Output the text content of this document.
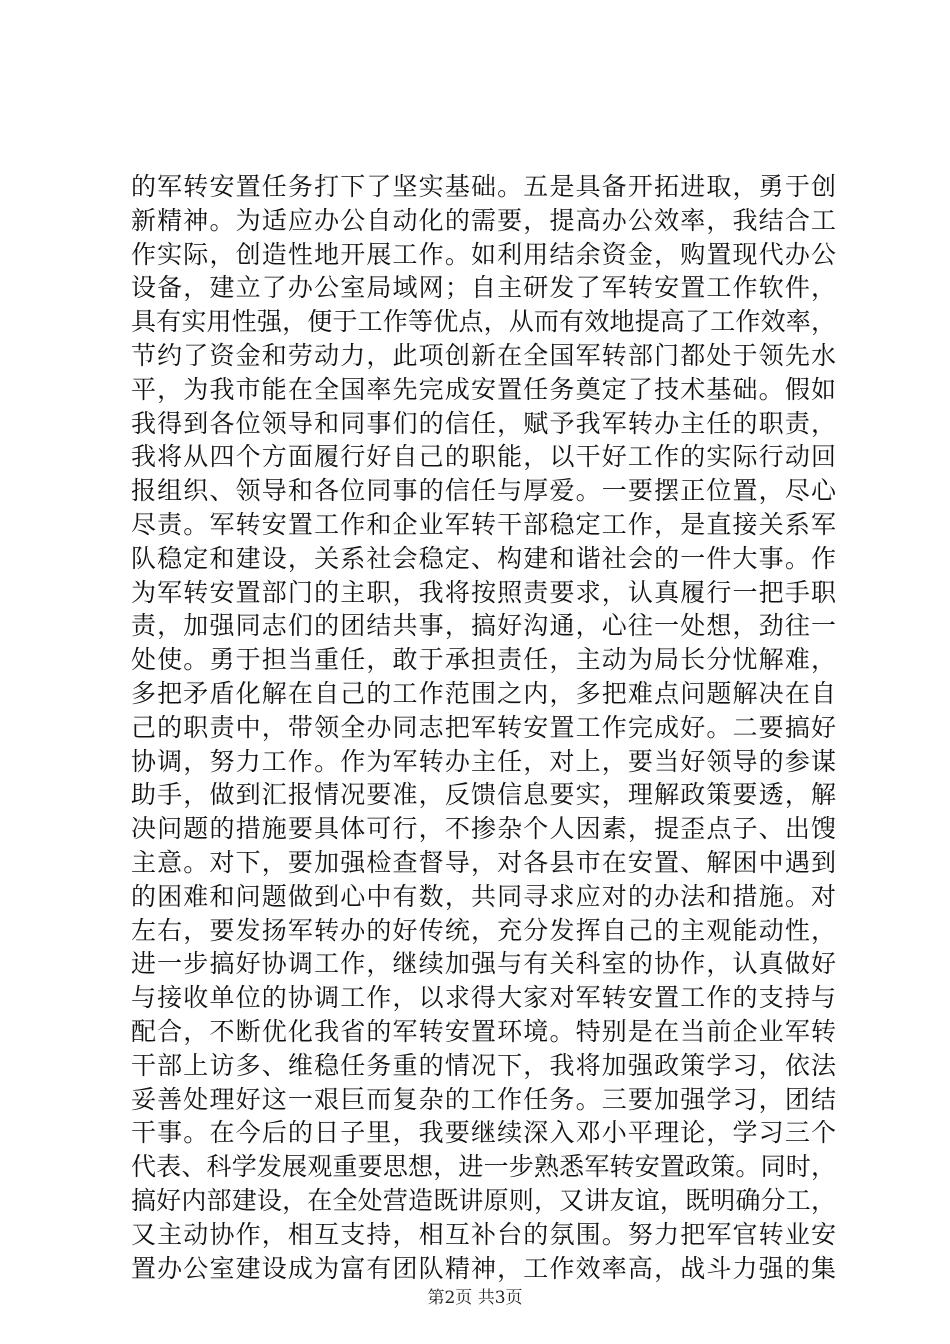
的军转安置任务打下了坚实基础。五是具备开拓进取，勇于创
新精神。为适应办公自动化的需要，提高办公效率，我结合工
作实际，创造性地开展工作。如利用结余资金，购置现代办公
设备，建立了办公室局域网；自主研发了军转安置工作软件，
具有实用性强，便于工作等优点，从而有效地提高了工作效率，
节约了资金和劳动力，此项创新在全国军转部门都处于领先水
平，为我市能在全国率先完成安置任务奠定了技术基础。假如
我得到各位领导和同事们的信任，赋予我军转办主任的职责，
我将从四个方面履行好自己的职能，以干好工作的实际行动回
报组织、领导和各位同事的信任与厚爱。一要摆正位置，尽心
尽责。军转安置工作和企业军转干部稳定工作，是直接关系军
队稳定和建设，关系社会稳定、构建和谐社会的一件大事。作
为军转安置部门的主职，我将按照责要求，认真履行一把手职
责，加强同志们的团结共事，搞好沟通，心往一处想，劲往一
处使。勇于担当重任，敢于承担责任，主动为局长分忧解难，
多把矛盾化解在自己的工作范围之内，多把难点问题解决在自
己的职责中，带领全办同志把军转安置工作完成好。二要搞好
协调，努力工作。作为军转办主任，对上，要当好领导的参谋
助手，做到汇报情况要准，反馈信息要实，理解政策要透，解
决问题的措施要具体可行，不掺杂个人因素，提歪点子、出馊
主意。对下，要加强检查督导，对各县市在安置、解困中遇到
的困难和问题做到心中有数，共同寻求应对的办法和措施。对
左右，要发扬军转办的好传统，充分发挥自己的主观能动性，
进一步搞好协调工作，继续加强与有关科室的协作，认真做好
与接收单位的协调工作，以求得大家对军转安置工作的支持与
配合，不断优化我省的军转安置环境。特别是在当前企业军转
干部上访多、维稳任务重的情况下，我将加强政策学习，依法
妥善处理好这一艰巨而复杂的工作任务。三要加强学习，团结
干事。在今后的日子里，我要继续深入邓小平理论，学习三个
代表、科学发展观重要思想，进一步熟悉军转安置政策。同时，
搞好内部建设，在全处营造既讲原则，又讲友谊，既明确分工，
又主动协作，相互支持，相互补台的氛围。努力把军官转业安
置办公室建设成为富有团队精神，工作效率高，战斗力强的集
第2页 共3页
